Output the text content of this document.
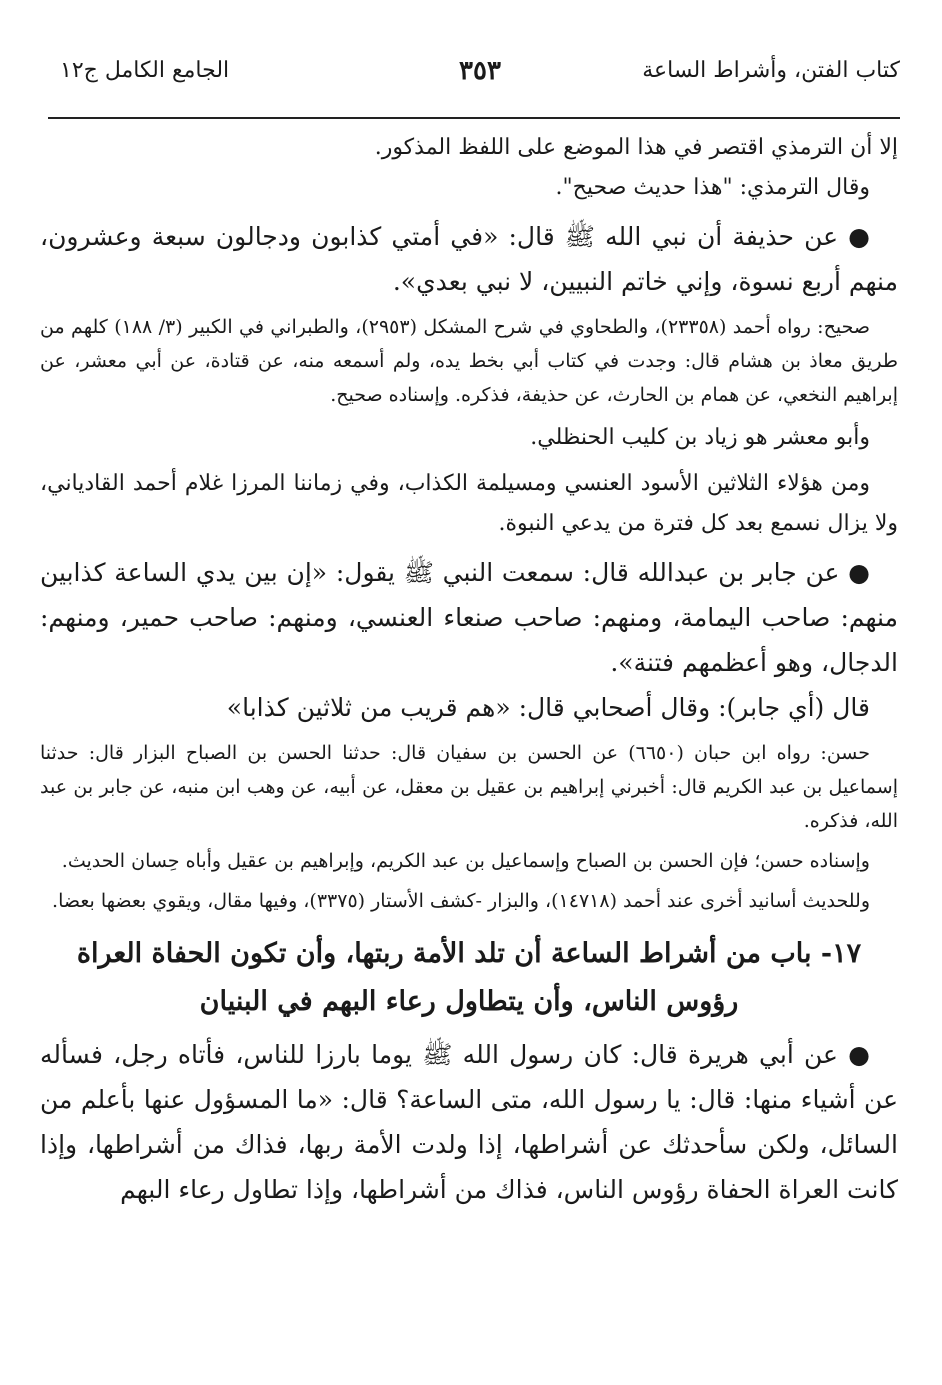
كتاب الفتن، وأشراط الساعة
٣٥٣
الجامع الكامل ج١٢

إلا أن الترمذي اقتصر في هذا الموضع على اللفظ المذكور.

وقال الترمذي: "هذا حديث صحيح".

● عن حذيفة أن نبي الله ﷺ قال: «في أمتي كذابون ودجالون سبعة وعشرون، منهم أربع نسوة، وإني خاتم النبيين، لا نبي بعدي».

صحيح: رواه أحمد (٢٣٣٥٨)، والطحاوي في شرح المشكل (٢٩٥٣)، والطبراني في الكبير (٣/ ١٨٨) كلهم من طريق معاذ بن هشام قال: وجدت في كتاب أبي بخط يده، ولم أسمعه منه، عن قتادة، عن أبي معشر، عن إبراهيم النخعي، عن همام بن الحارث، عن حذيفة، فذكره. وإسناده صحيح.

وأبو معشر هو زياد بن كليب الحنظلي.

ومن هؤلاء الثلاثين الأسود العنسي ومسيلمة الكذاب، وفي زماننا المرزا غلام أحمد القادياني، ولا يزال نسمع بعد كل فترة من يدعي النبوة.

● عن جابر بن عبدالله قال: سمعت النبي ﷺ يقول: «إن بين يدي الساعة كذابين منهم: صاحب اليمامة، ومنهم: صاحب صنعاء العنسي، ومنهم: صاحب حمير، ومنهم: الدجال، وهو أعظمهم فتنة».

قال (أي جابر): وقال أصحابي قال: «هم قريب من ثلاثين كذابا»

حسن: رواه ابن حبان (٦٦٥٠) عن الحسن بن سفيان قال: حدثنا الحسن بن الصباح البزار قال: حدثنا إسماعيل بن عبد الكريم قال: أخبرني إبراهيم بن عقيل بن معقل، عن أبيه، عن وهب ابن منبه، عن جابر بن عبد الله، فذكره.

وإسناده حسن؛ فإن الحسن بن الصباح وإسماعيل بن عبد الكريم، وإبراهيم بن عقيل وأباه حِسان الحديث.

وللحديث أسانيد أخرى عند أحمد (١٤٧١٨)، والبزار -كشف الأستار (٣٣٧٥)، وفيها مقال، ويقوي بعضها بعضا.

١٧- باب من أشراط الساعة أن تلد الأمة ربتها، وأن تكون الحفاة العراة رؤوس الناس، وأن يتطاول رعاء البهم في البنيان

● عن أبي هريرة قال: كان رسول الله ﷺ يوما بارزا للناس، فأتاه رجل، فسأله عن أشياء منها: قال: يا رسول الله، متى الساعة؟ قال: «ما المسؤول عنها بأعلم من السائل، ولكن سأحدثك عن أشراطها، إذا ولدت الأمة ربها، فذاك من أشراطها، وإذا كانت العراة الحفاة رؤوس الناس، فذاك من أشراطها، وإذا تطاول رعاء البهم
